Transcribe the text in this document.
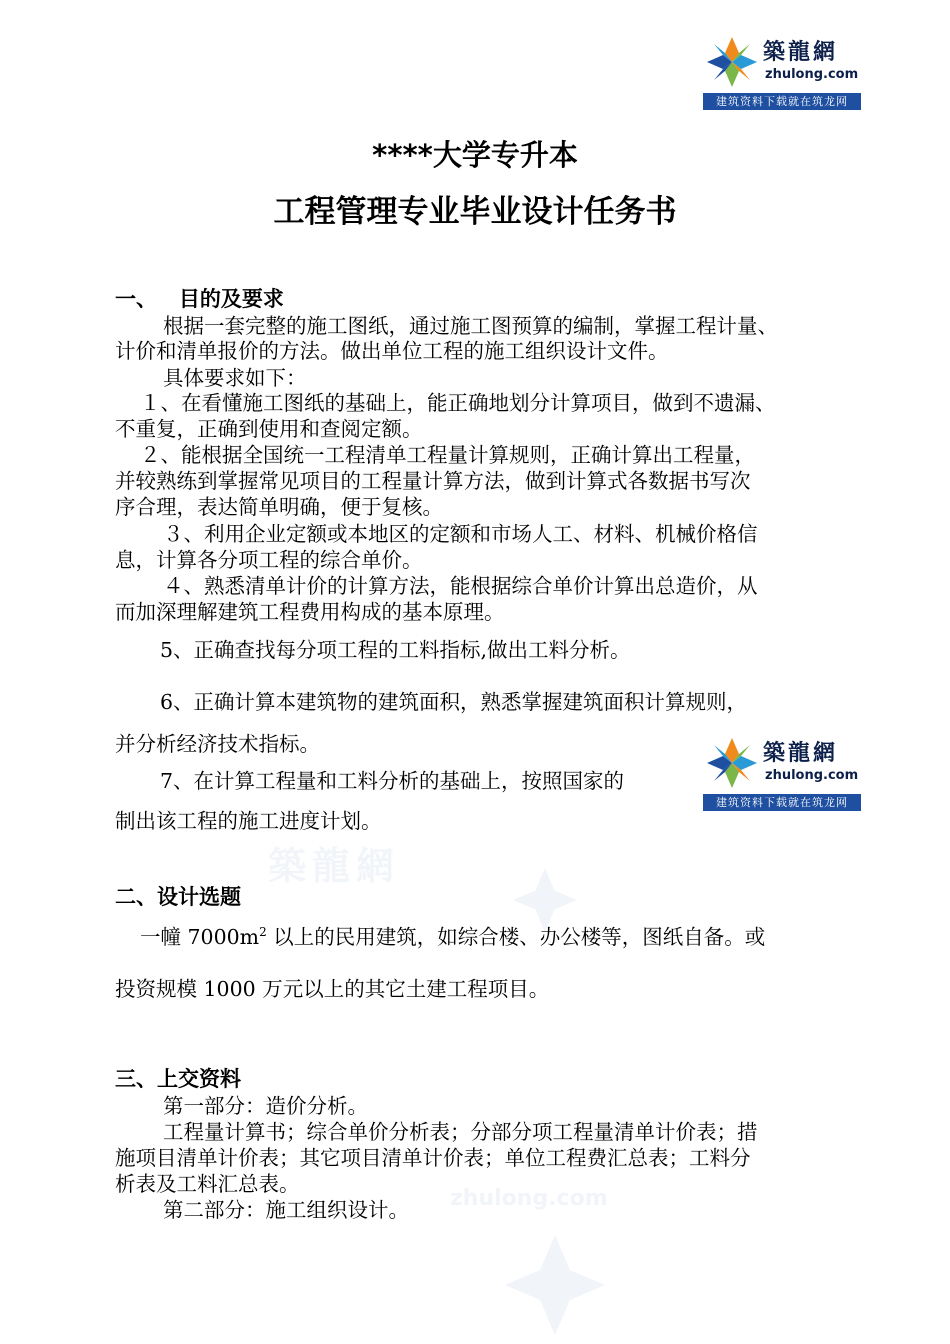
築龍網
zhulong.com
築龍網
zhulong.com
建筑资料下载就在筑龙网
****大学专升本
工程管理专业毕业设计任务书
一、   目的及要求
根据一套完整的施工图纸，通过施工图预算的编制，掌握工程计量、
计价和清单报价的方法。做出单位工程的施工组织设计文件。
具体要求如下：
１、在看懂施工图纸的基础上，能正确地划分计算项目，做到不遗漏、
不重复，正确到使用和查阅定额。
２、能根据全国统一工程清单工程量计算规则，正确计算出工程量，
并较熟练到掌握常见项目的工程量计算方法，做到计算式各数据书写次
序合理，表达简单明确，便于复核。
３、利用企业定额或本地区的定额和市场人工、材料、机械价格信
息，计算各分项工程的综合单价。
４、熟悉清单计价的计算方法，能根据综合单价计算出总造价，从
而加深理解建筑工程费用构成的基本原理。
5、正确查找每分项工程的工料指标,做出工料分析。
6、正确计算本建筑物的建筑面积，熟悉掌握建筑面积计算规则，
并分析经济技术指标。
7、在计算工程量和工料分析的基础上，按照国家的
制出该工程的施工进度计划。
築龍網
zhulong.com
建筑资料下载就在筑龙网
二、设计选题
一幢 $7000m^2$ 以上的民用建筑，如综合楼、办公楼等，图纸自备。或
投资规模 1000 万元以上的其它土建工程项目。
三、上交资料
第一部分：造价分析。
工程量计算书；综合单价分析表；分部分项工程量清单计价表；措
施项目清单计价表；其它项目清单计价表；单位工程费汇总表；工料分
析表及工料汇总表。
第二部分：施工组织设计。
